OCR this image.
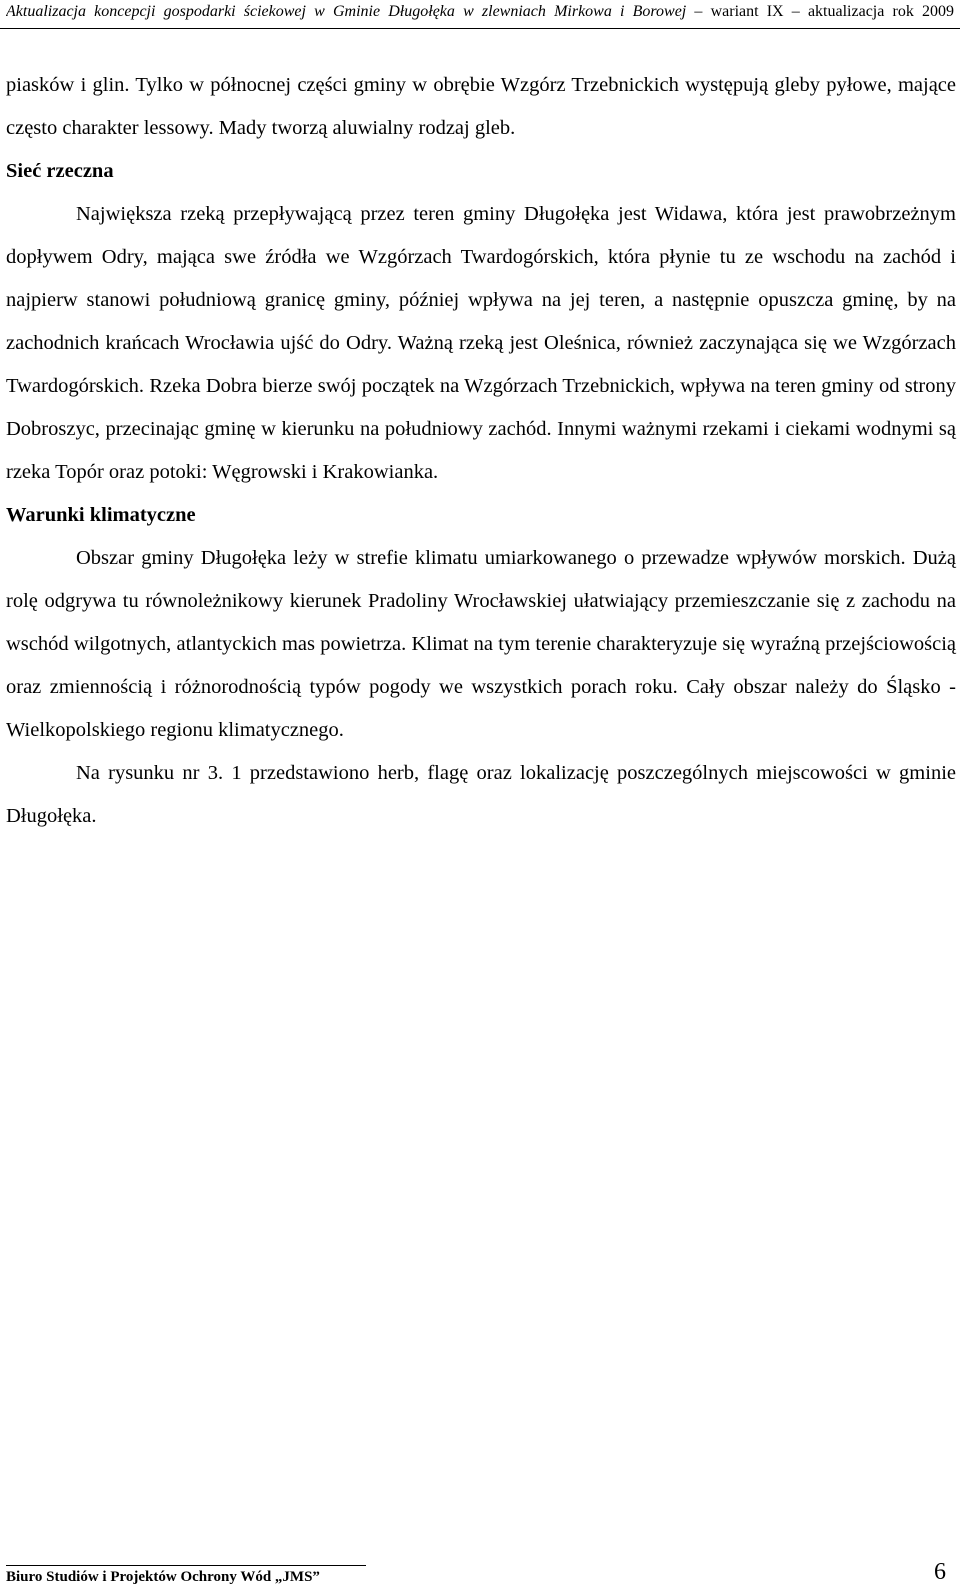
Aktualizacja koncepcji gospodarki ściekowej w Gminie Długołęka w zlewniach Mirkowa i Borowej – wariant IX – aktualizacja rok 2009

piasków i glin. Tylko w północnej części gminy w obrębie Wzgórz Trzebnickich występują gleby pyłowe, mające często charakter lessowy. Mady tworzą aluwialny rodzaj gleb.

Sieć rzeczna

Największa rzeką przepływającą przez teren gminy Długołęka jest Widawa, która jest prawobrzeżnym dopływem Odry, mająca swe źródła we Wzgórzach Twardogórskich, która płynie tu ze wschodu na zachód i najpierw stanowi południową granicę gminy, później wpływa na jej teren, a następnie opuszcza gminę, by na zachodnich krańcach Wrocławia ujść do Odry. Ważną rzeką jest Oleśnica, również zaczynająca się we Wzgórzach Twardogórskich. Rzeka Dobra bierze swój początek na Wzgórzach Trzebnickich, wpływa na teren gminy od strony Dobroszyc, przecinając gminę w kierunku na południowy zachód. Innymi ważnymi rzekami i ciekami wodnymi są rzeka Topór oraz potoki: Węgrowski i Krakowianka.

Warunki klimatyczne

Obszar gminy Długołęka leży w strefie klimatu umiarkowanego o przewadze wpływów morskich. Dużą rolę odgrywa tu równoleżnikowy kierunek Pradoliny Wrocławskiej ułatwiający przemieszczanie się z zachodu na wschód wilgotnych, atlantyckich mas powietrza. Klimat na tym terenie charakteryzuje się wyraźną przejściowością oraz zmiennością i różnorodnością typów pogody we wszystkich porach roku. Cały obszar należy do Śląsko - Wielkopolskiego regionu klimatycznego.

Na rysunku nr 3. 1 przedstawiono herb, flagę oraz lokalizację poszczególnych miejscowości w gminie Długołęka.

Biuro Studiów i Projektów Ochrony Wód „JMS”	6
